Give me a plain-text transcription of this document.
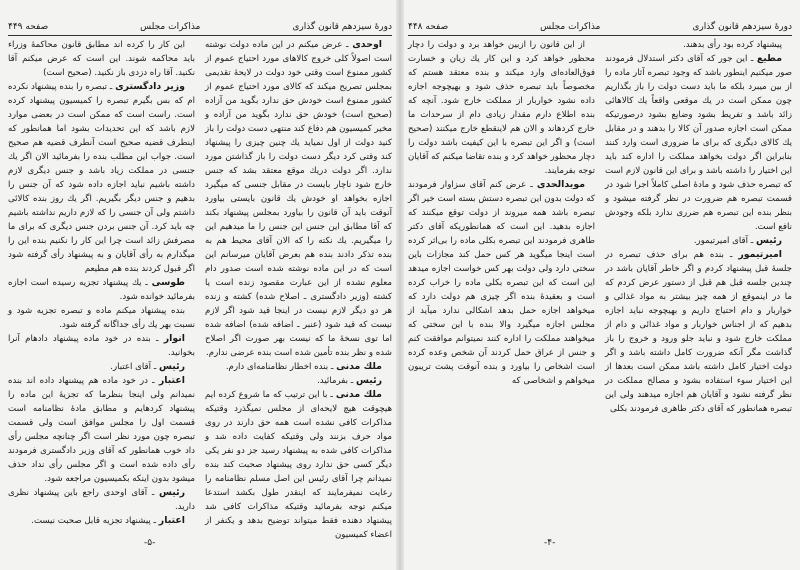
دورهٔ سیزدهم قانون گذاری
مذاکرات مجلس
صفحه ۴۴۹

اوحدی ـ عرض میکنم در این ماده دولت نوشته است اصولاً کلی خروج کالاهای مورد احتیاج عموم از کشور ممنوع است وقتی خود دولت در لایحهٔ تقدیمی بمجلس تصریح میکند که کالای مورد احتیاج عموم از کشور ممنوع است خودش حق ندارد بگوید من آزاده (صحیح است) خودش حق ندارد بگوید من آزاده و مخیر کمیسیون هم دفاع کند منتهی دست دولت را باز کنید دولت از اول نمیاید یك چنین چیزی را پیشنهاد کند وقتی کرد دیگر دست دولت را باز گذاشتن مورد ندارد. اگر دولت دریك موقع معتقد بشد که جنس خارج شود ناچار بایست در مقابل جنسی که میگیرد اجازه بخواهد او خودش یك قانون بایستی بیاورد آنوقت باید آن قانون را بیاورد بمجلس پیشنهاد بکند که آقا مطابق این جنس این جنس را ما میدهیم این را میگیریم. یك نکته را که الان آقای محیط هم به بنده تذکر دادند بنده هم بعرض آقایان میرسانم این است که در این ماده نوشته شده است صدور دام معلوم نشده از این عبارت مقصود زنده است یا کشته (وزیر دادگستری ـ اصلاح شده) کشته و زنده هر دو دیگر لازم نیست در اینجا قید شود اگر لازم نیست که قید شود (عنبر ـ اضافه شده) اضافه شده اما توی نسخهٔ ما که نیست بهر صورت اگر اصلاح شده و نظر بنده تأمین شده است بنده عرضی ندارم.

ملك مدنی ـ بنده اخطار نظامنامه‌ای دارم.

رئیس ـ بفرمائید.

ملك مدنی ـ با این ترتیب که ما شروع کرده ایم هیچوقت هیچ لایحه‌ای از مجلس نمیگذرد وقتیکه مذاکرات کافی نشده است همه حق دارند در روی مواد حرف بزنند ولی وقتیکه کفایت داده شد و مذاکرات کافی شده به پیشنهاد رسید جز دو نفر یکی دیگر کسی حق ندارد روی پیشنهاد صحبت کند بنده نمیدانم چرا آقای رئیس این اصل مسلم نظامنامه را رعایت نمیفرمایند که اینقدر طول بکشد استدعا میکنم توجه بفرمائید وقتیکه مذاکرات کافی شد پیشنهاد دهنده فقط میتواند توضیح بدهد و یکنفر از اعضاء کمیسیون

این کار را کرده اند مطابق قانون محاکمهٔ وزراء باید محاکمه شوند. این است که عرض میکنم آقا نکنید. آقا راه دزدی باز نکنید. (صحیح است)

وزیر دادگستری ـ تبصره را بنده پیشنهاد نکرده ام که بس بگیرم تبصره را کمیسیون پیشنهاد کرده است. راست است که ممکن است در بعضی موارد لازم باشد که این تحدیدات بشود اما همانطور که اینطرف قضیه صحیح است آنطرف قضیه هم صحیح است. جواب این مطلب بنده را بفرمائید الان اگر یك جنسی در مملکت زیاد باشد و جنس دیگری لازم داشته باشیم نباید اجازه داده شود که آن جنس را بدهیم و جنس دیگر بگیریم. اگر یك روز بنده کالائی داشتم ولی آن جنسی را که لازم داریم نداشته باشیم چه باید کرد. آن جنس بردن جنس دیگری که برای ما مصرفش زائد است چرا این کار را نکنیم بنده این را میگذارم به رأی آقایان و به پیشنهاد رأی گرفته شود اگر قبول کردند بنده هم مطیعم

طوسی ـ یك پیشنهاد تجزیه رسیده است اجازه بفرمائید خوانده شود.

بنده پیشنهاد میکنم ماده و تبصره تجزیه شود و نسبت بهر یك رأی جداگانه گرفته شود.

انوار ـ بنده در خود ماده پیشنهاد دادهام آنرا بخوانید.

رئیس ـ آقای اعتبار.

اعتبار ـ در خود ماده هم پیشنهاد داده اند بنده نمیدانم ولی اینجا بنظرما که تجزیهٔ این ماده را پیشنهاد کردهایم و مطابق مادهٔ نظامنامه است قسمت اول را مجلس موافق است ولی قسمت تبصره چون مورد نظر است اگر چنانچه مجلس رأی داد خوب همانطور که آقای وزیر دادگستری فرمودند رأی داده شده است و اگر مجلس رأی نداد حذف میشود بدون اینکه بکمیسیون مراجعه شود.

رئیس ـ آقای اوحدی راجع باین پیشنهاد نظری دارید.

اعتبار ـ پیشنهاد تجزیه قابل صحبت نیست.

-۵-
دورهٔ سیزدهم قانون گذاری
مذاکرات مجلس
صفحه ۴۴۸

پیشنهاد کرده بود رأی بدهند.

مطیع ـ این جور که آقای دکتر استدلال فرمودند صور میکنیم اینطور باشد که وجود تبصره آثار ماده را از بین میبرد بلکه ما باید دست دولت را باز بگذاریم چون ممکن است در یك موقعی واقعاً یك کالاهائی زائد باشد و تفریط بشود وضایع بشود درصورتیکه ممکن است اجازه صدور آن کالا را بدهند و در مقابل یك کالای دیگری که برای ما ضروری است وارد کنند بنابراین اگر دولت بخواهد مملکت را اداره کند باید این اختیار را داشته باشد و برای این قانون لازم است که تبصره حذف شود و مادهٔ اصلی کاملاً اجرا شود در قسمت تبصره هم ضرورت در نظر گرفته میشود و بنظر بنده این تبصره هم ضرری ندارد بلکه وجودش نافع است.

رئیس ـ آقای امیرتیمور.

امیرتیمور ـ بنده هم برای حذف تبصره در جلسهٔ قبل پیشنهاد کردم و اگر خاطر آقایان باشد در چندین جلسه قبل هم قبل از دستور عرض کردم که ما در اینموقع از همه چیز بیشتر به مواد غذائی و خواربار و دام احتیاج داریم و بهیچوجه نباید اجازه بدهیم که از اجناس خواربار و مواد غذائی و دام از مملکت خارج شود و نباید جلو ورود و خروج را باز گذاشت مگر آنکه ضرورت کامل داشته باشد و اگر دولت اختیار کامل داشته باشد ممکن است بعدها از این اختیار سوء استفاده بشود و مصالح مملکت در نظر گرفته نشود و آقایان هم اجازه میدهند ولی این تبصره همانطور که آقای دکتر طاهری فرمودند بکلی

از این قانون را ازبین خواهد برد و دولت را دچار محظور خواهد کرد و این کار یك زیان و خسارت فوق‌العاده‌ای وارد میکند و بنده معتقد هستم که مخصوصاً باید تبصره حذف شود و بهیچوجه اجازه داده نشود خواربار از مملکت خارج شود. آنچه که بنده اطلاع دارم مقدار زیادی دام از سرحدات ما خارج کردهاند و الان هم لاینقطع خارج میکنند (صحیح است) و اگر این تبصره با این کیفیت باشد دولت را دچار محظور خواهد کرد و بنده تقاضا میکنم که آقایان توجه بفرمایند.

مویدالحدی ـ عرض کنم آقای سزاوار فرمودند که دولت بدون این تبصره دستش بسته است خیر اگر تبصره باشد همه میروند از دولت توقع میکنند که اجازه بدهید. این است که همانطوریکه آقای دکتر طاهری فرمودند این تبصره بکلی ماده را بی‌اثر کرده است اینجا میگوید هر کس حمل کند مجازات باین سختی دارد ولی دولت بهر کس خواست اجازه میدهد این است که این تبصره بکلی ماده را خراب کرده است و بعقیدهٔ بنده اگر چیزی هم دولت دارد که میخواهد اجازه حمل بدهد اشکالی ندارد میآید از مجلس اجازه میگیرد والا بنده با این سختی که میخواهند مملکت را اداره کنند نمیتوانم موافقت کنم و جنس از عراق حمل کردند آن شخص وعده کرده است اشخاص را بیاورد و بنده آنوقت پشت تریبون میخواهم و اشخاصی که

-۴-
